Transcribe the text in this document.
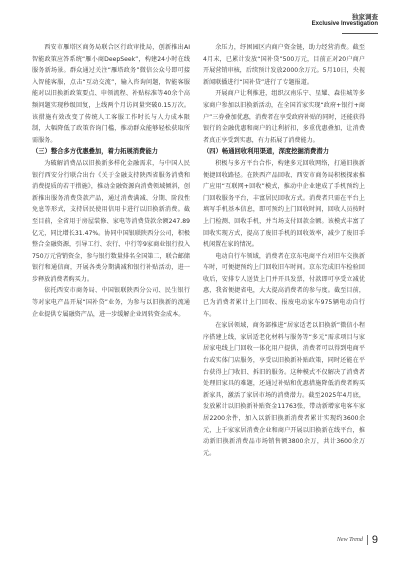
独家调查
Exclusive Investigation

西安市雁塔区商务局联合区行政审批局，创新推出AI智能政策应答系统“雁小商DeepSeek”，构建24小时在线服务新场景。群众通过关注“雁塔政务”微信公众号即可接入智能客服，点击“互动交流”，输入咨询问题，智能客服能对以旧换新政策要点、申领流程、补贴标准等40余个高频问题实现秒级回复，上线两个月访问量突破0.15万次。该措施有效改变了传统人工客服工作时长与人力成本限制，大幅降低了政策咨询门槛，推动群众能够轻松获取所需服务。

（三）整合多方优惠叠加，着力拓展消费能力

为破解消费品以旧换新多样化金融需求，与中国人民银行西安分行联合出台《关于金融支持陕西省服务消费和消费提质的若干措施》，推动金融资源向消费领域倾斜，创新推出服务消费贷款产品，通过消费满减、分期、阶段性免息等形式，支持居民使用信用卡进行以旧换新消费。截至目前，全省用于房屋装修、家电等消费贷款余额247.89亿元，同比增长31.47%。协同中国银联陕西分公司，积极整合金融资源，引导工行、农行、中行等9家商业银行投入750万元营销资金，参与银行数量排名全国第二，联合邮储银行和通信商，开展各类分期满减和银行补贴活动，进一步释放消费者购买力。

依托西安市商务局、中国银联陕西分公司、民生银行等对家电产品开展“国补贷”业务，为参与以旧换新的流通企业提供专属融资产品，进一步缓解企业周转资金成本。

余压力，纾困园区内商户资金链，助力经营消费。截至4月末，已累计发放“国补贷”500万元，目前正对20户商户开展营销审核，后续预计发放2000余万元。5月10日，央视新闻联播进行“国补贷”进行了专题报道。

开展商户让利推进，组织汉南乐宁、星耀、森佳城等多家商户参加以旧换新活动，在全国首家实现“政府+银行+商户”三券叠加优惠，消费者在享受政府补贴的同时，还能获得银行的金融优惠和商户的让利折扣，多重优惠叠加，让消费者真正享受到实惠，有力拓展了消费能力。

（四）畅通回收利用渠道，深度挖掘消费潜力

积极与多方平台合作，构建多元回收网络，打通旧换新便捷回收路径。在陕西产品回收、西安市商务局积极探索推广应用“互联网+回收”模式，推动中企业建成了手机预约上门回收服务平台，丰富居民回收方式。消费者只需在平台上填写手机基本信息，即可预约上门回收时间，回收人员按时上门检测、回收手机，并当场支付回款金额。该模式丰富了回收实现方式，提高了废旧手机的回收效率，减少了废旧手机闲置在家的情况。

电动自行车领域，消费者在京东电商平台对旧车交换新车时，可便捷预约上门回收旧车时间。京东完成旧车检验回收后，安排专人送货上门并开具发票，付款即可享受立减优惠，我省便捷省电，大大提高消费者的参与度。截至目前，已为消费者累计上门回收、报废电动家车975辆电动自行车。

在家居领域，商务部推进“居家适老以旧换新”微信小程序搭建上线，家居适老化材料与服务等“多元”需求项目与家居家电线上门回收一体化用户提供，消费者可以得到电商平台或实体门店服务，享受以旧换新补贴政策，同时还能在平台获得上门收旧、拆旧的服务。这种模式不仅解决了消费者处理旧家具的难题，还通过补贴和优惠措施降低消费者购买新家具，激活了家居市场的消费潜力。截至2025年4月底，发放累计以旧换新补贴资金11763张，带动新增家电客车家居2200余件，加入以新旧换新消费者累计实现约3600余元，上千家家居消费企业和商户开展以旧换新在线平台，推动新旧换新消费品市场销售额3800余万，共计3600余万元。

New Trend 9
